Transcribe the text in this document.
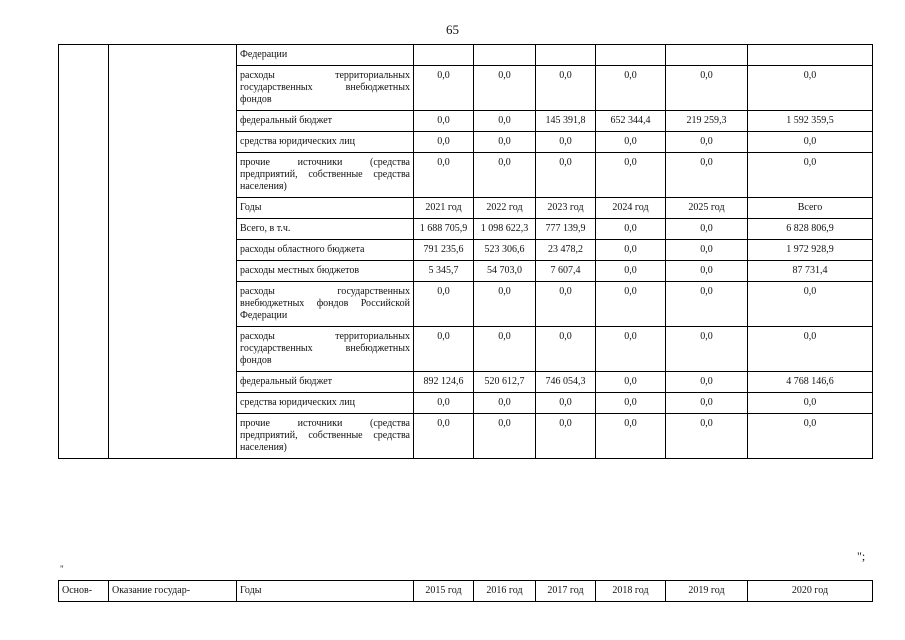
65
		Федерации						
		расходы территориальных государственных внебюджетных фондов	0,0	0,0	0,0	0,0	0,0	0,0
		федеральный бюджет	0,0	0,0	145 391,8	652 344,4	219 259,3	1 592 359,5
		средства юридических лиц	0,0	0,0	0,0	0,0	0,0	0,0
		прочие источники (средства предприятий, собственные средства населения)	0,0	0,0	0,0	0,0	0,0	0,0
		Годы	2021 год	2022 год	2023 год	2024 год	2025 год	Всего
		Всего, в т.ч.	1 688 705,9	1 098 622,3	777 139,9	0,0	0,0	6 828 806,9
		расходы областного бюджета	791 235,6	523 306,6	23 478,2	0,0	0,0	1 972 928,9
		расходы местных бюджетов	5 345,7	54 703,0	7 607,4	0,0	0,0	87 731,4
		расходы государственных внебюджетных фондов Российской Федерации	0,0	0,0	0,0	0,0	0,0	0,0
		расходы территориальных государственных внебюджетных фондов	0,0	0,0	0,0	0,0	0,0	0,0
		федеральный бюджет	892 124,6	520 612,7	746 054,3	0,0	0,0	4 768 146,6
		средства юридических лиц	0,0	0,0	0,0	0,0	0,0	0,0
		прочие источники (средства предприятий, собственные средства населения)	0,0	0,0	0,0	0,0	0,0	0,0
";
"
Основ-	Оказание государ-	Годы	2015 год	2016 год	2017 год	2018 год	2019 год	2020 год
